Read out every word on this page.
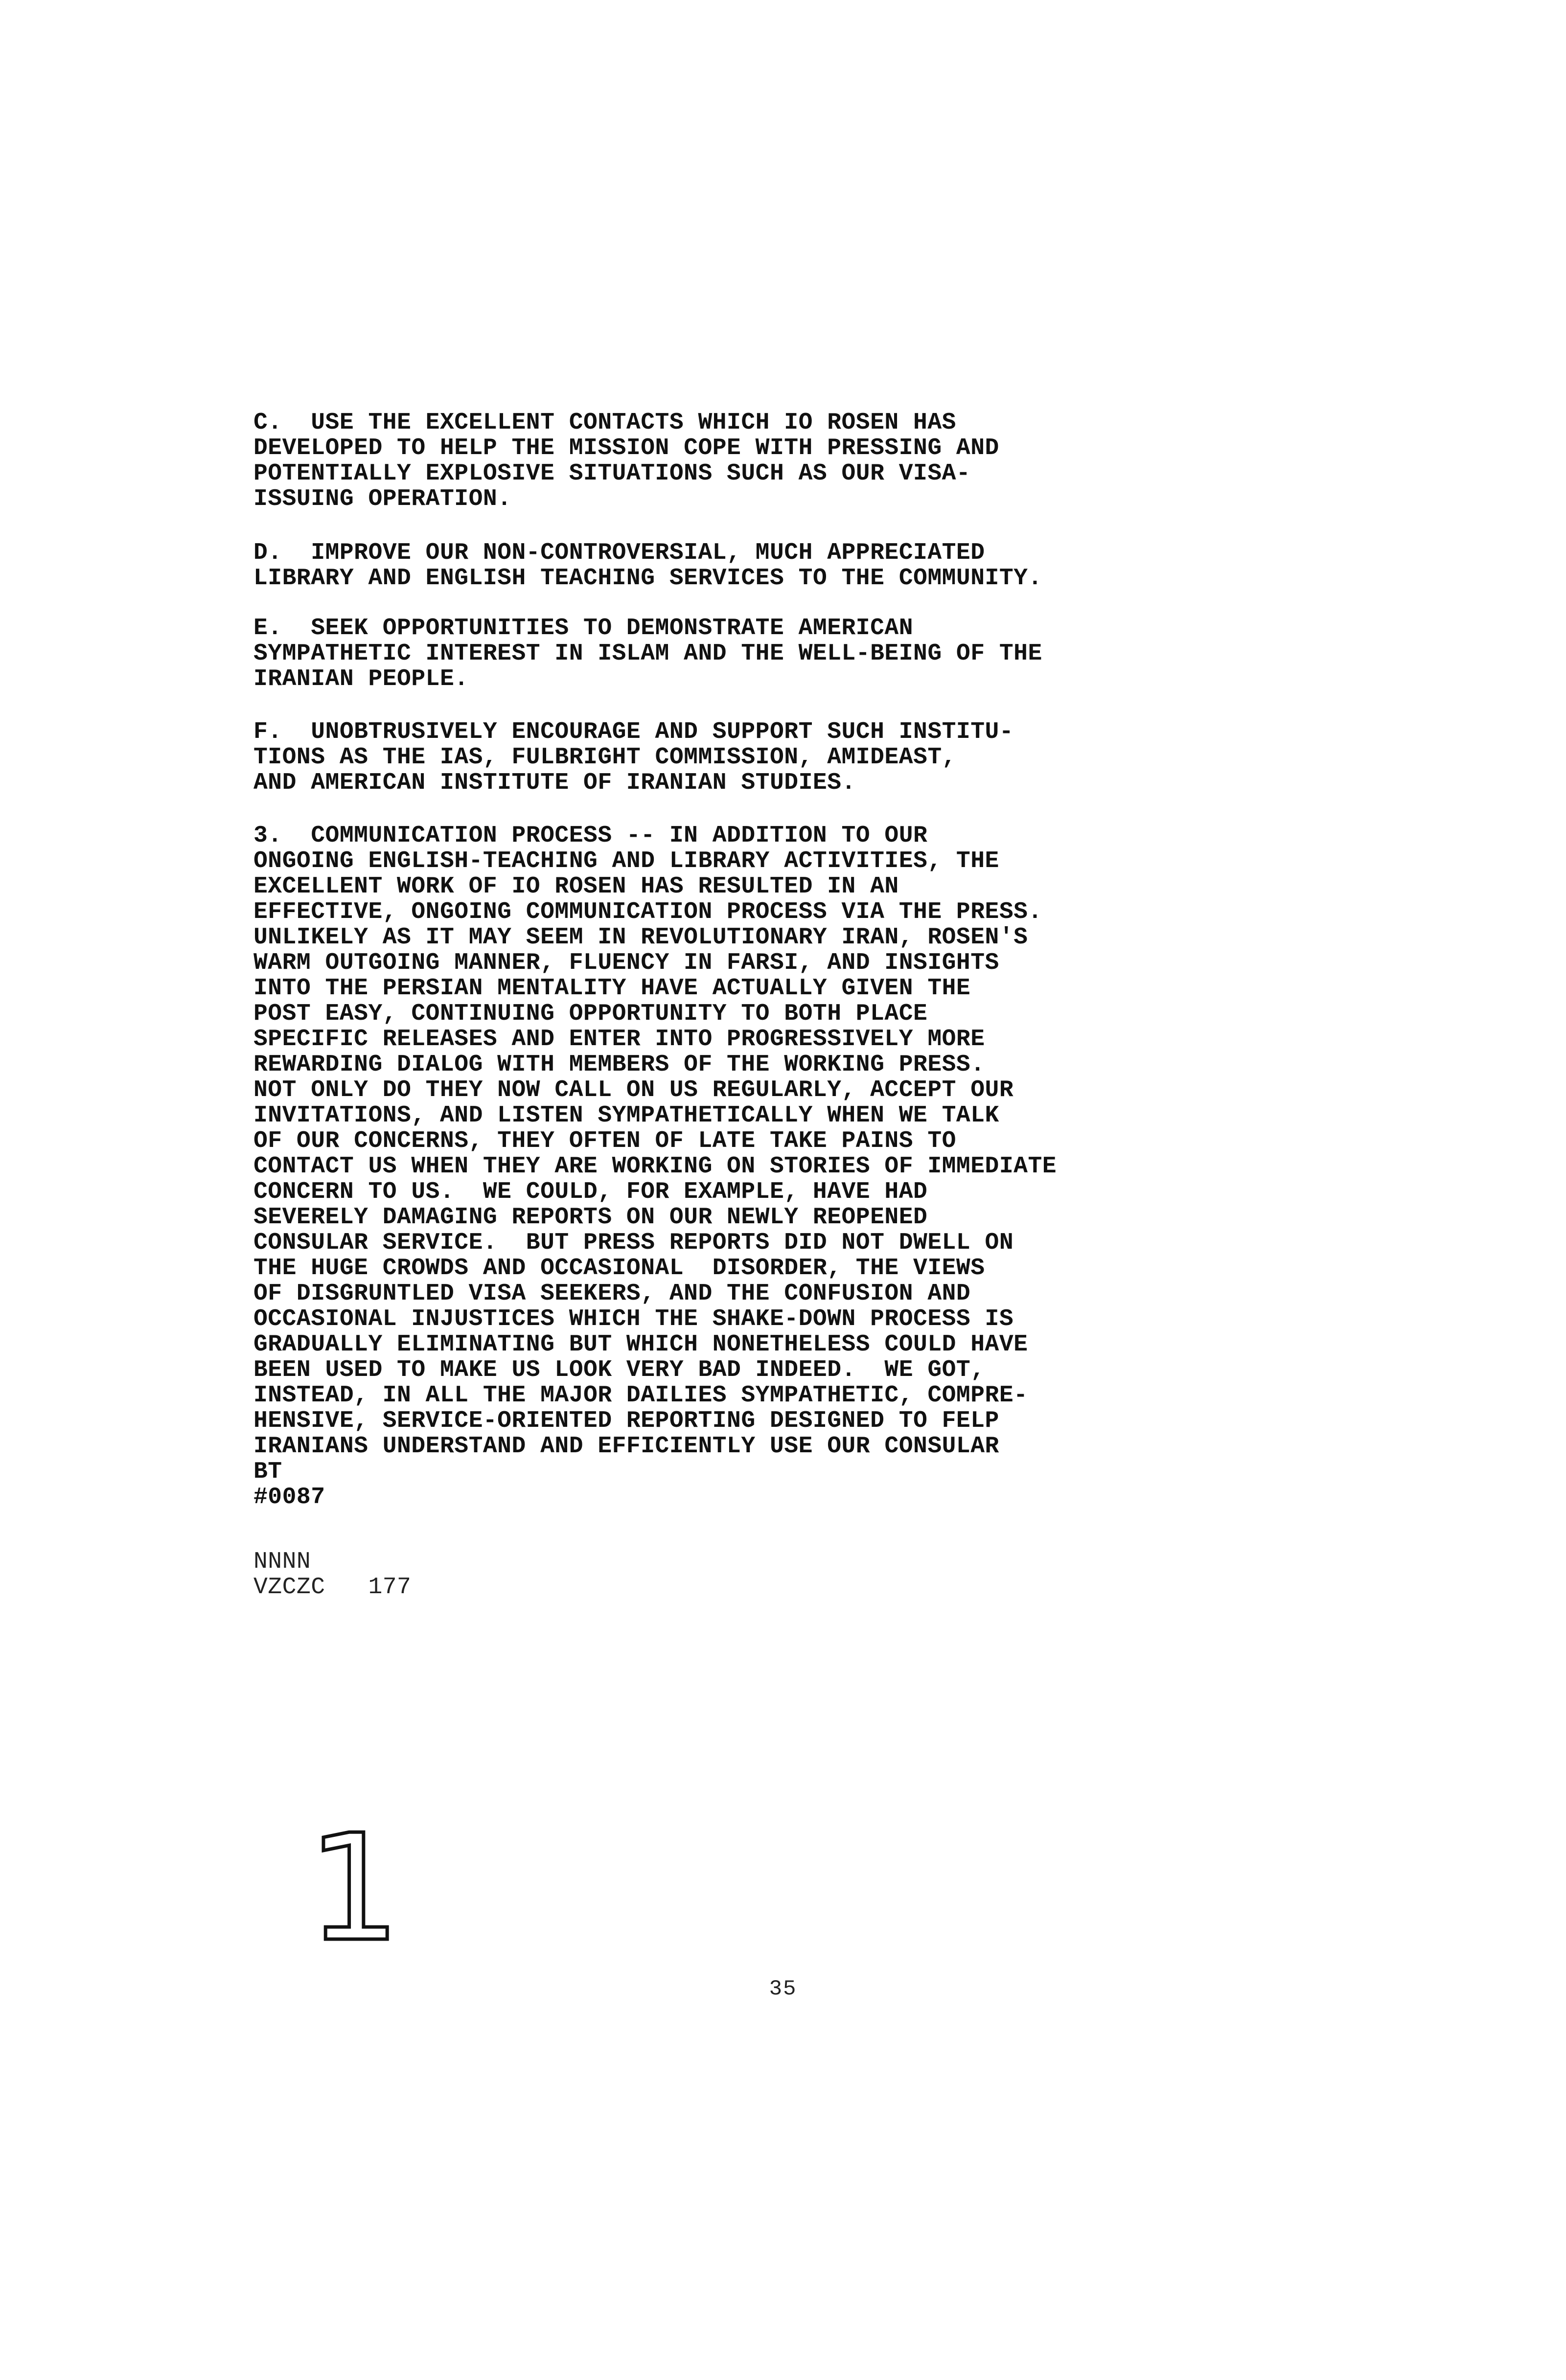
C.  USE THE EXCELLENT CONTACTS WHICH IO ROSEN HAS
DEVELOPED TO HELP THE MISSION COPE WITH PRESSING AND
POTENTIALLY EXPLOSIVE SITUATIONS SUCH AS OUR VISA-
ISSUING OPERATION.

D.  IMPROVE OUR NON-CONTROVERSIAL, MUCH APPRECIATED
LIBRARY AND ENGLISH TEACHING SERVICES TO THE COMMUNITY.

E.  SEEK OPPORTUNITIES TO DEMONSTRATE AMERICAN
SYMPATHETIC INTEREST IN ISLAM AND THE WELL-BEING OF THE
IRANIAN PEOPLE.

F.  UNOBTRUSIVELY ENCOURAGE AND SUPPORT SUCH INSTITU-
TIONS AS THE IAS, FULBRIGHT COMMISSION, AMIDEAST,
AND AMERICAN INSTITUTE OF IRANIAN STUDIES.

3.  COMMUNICATION PROCESS -- IN ADDITION TO OUR
ONGOING ENGLISH-TEACHING AND LIBRARY ACTIVITIES, THE
EXCELLENT WORK OF IO ROSEN HAS RESULTED IN AN
EFFECTIVE, ONGOING COMMUNICATION PROCESS VIA THE PRESS.
UNLIKELY AS IT MAY SEEM IN REVOLUTIONARY IRAN, ROSEN'S
WARM OUTGOING MANNER, FLUENCY IN FARSI, AND INSIGHTS
INTO THE PERSIAN MENTALITY HAVE ACTUALLY GIVEN THE
POST EASY, CONTINUING OPPORTUNITY TO BOTH PLACE
SPECIFIC RELEASES AND ENTER INTO PROGRESSIVELY MORE
REWARDING DIALOG WITH MEMBERS OF THE WORKING PRESS.
NOT ONLY DO THEY NOW CALL ON US REGULARLY, ACCEPT OUR
INVITATIONS, AND LISTEN SYMPATHETICALLY WHEN WE TALK
OF OUR CONCERNS, THEY OFTEN OF LATE TAKE PAINS TO
CONTACT US WHEN THEY ARE WORKING ON STORIES OF IMMEDIATE
CONCERN TO US.  WE COULD, FOR EXAMPLE, HAVE HAD
SEVERELY DAMAGING REPORTS ON OUR NEWLY REOPENED
CONSULAR SERVICE.  BUT PRESS REPORTS DID NOT DWELL ON
THE HUGE CROWDS AND OCCASIONAL  DISORDER, THE VIEWS
OF DISGRUNTLED VISA SEEKERS, AND THE CONFUSION AND
OCCASIONAL INJUSTICES WHICH THE SHAKE-DOWN PROCESS IS
GRADUALLY ELIMINATING BUT WHICH NONETHELESS COULD HAVE
BEEN USED TO MAKE US LOOK VERY BAD INDEED.  WE GOT,
INSTEAD, IN ALL THE MAJOR DAILIES SYMPATHETIC, COMPRE-
HENSIVE, SERVICE-ORIENTED REPORTING DESIGNED TO FELP
IRANIANS UNDERSTAND AND EFFICIENTLY USE OUR CONSULAR
BT
#0087

NNNN
VZCZC   177

1

35
